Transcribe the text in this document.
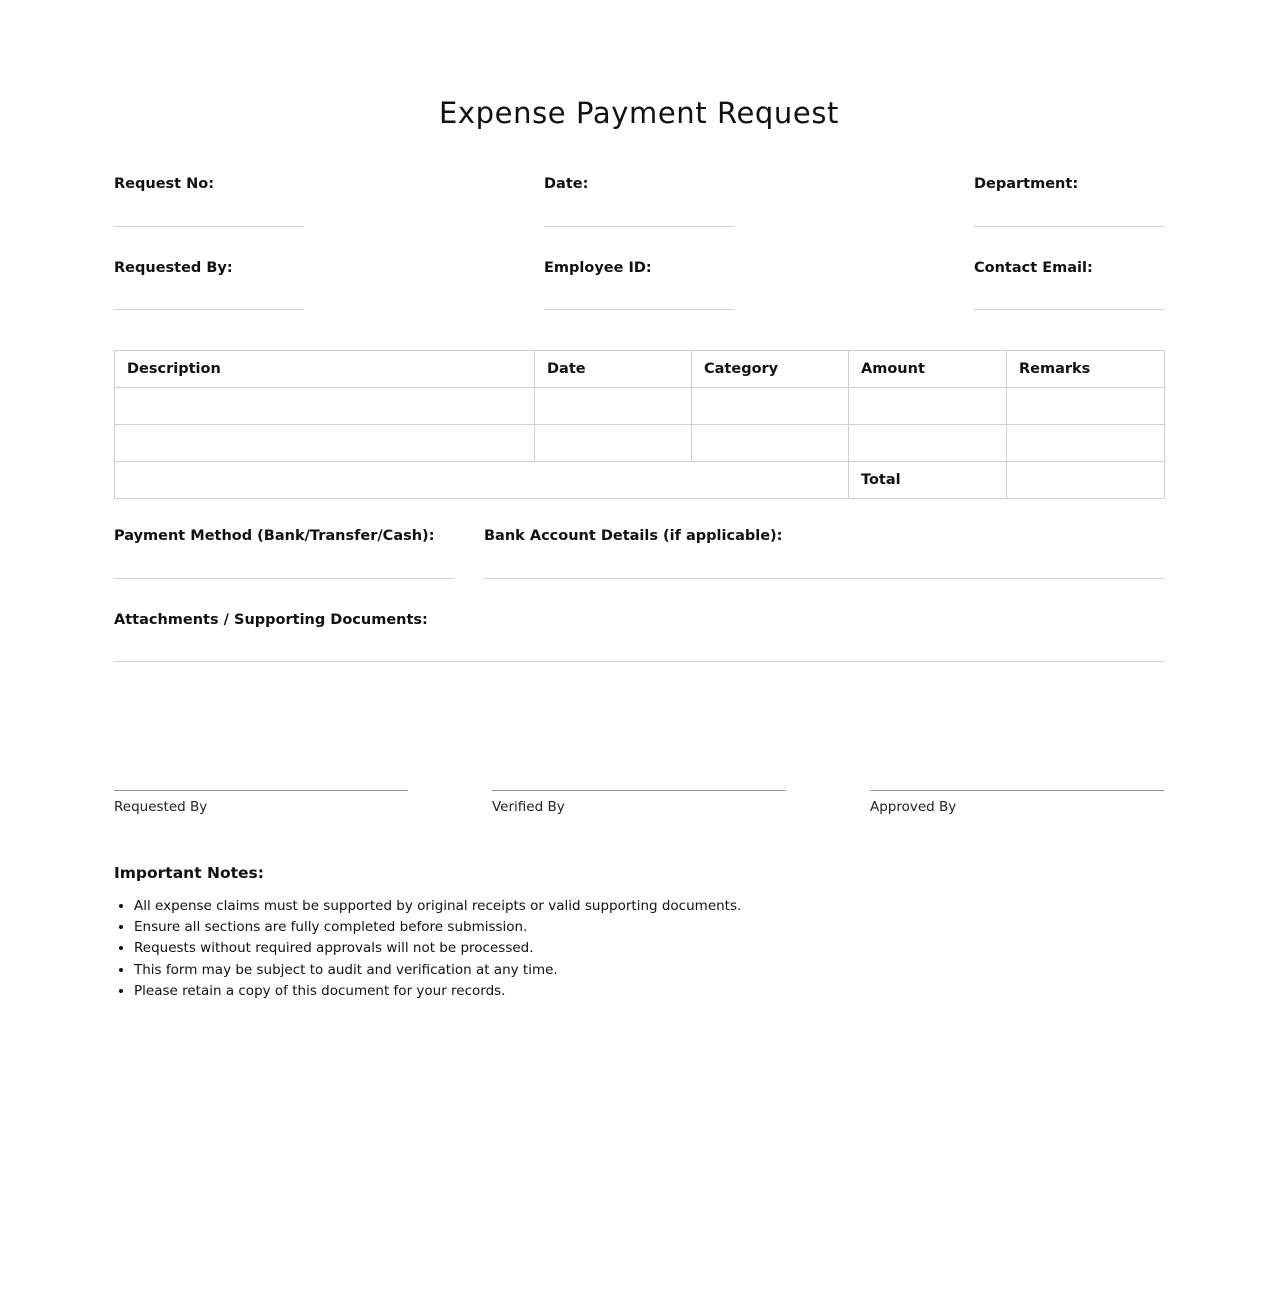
Expense Payment Request
Request No:	Date:	Department:
Requested By:	Employee ID:	Contact Email:
Description	Date	Category	Amount	Remarks

			Total	
Payment Method (Bank/Transfer/Cash):	Bank Account Details (if applicable):
Attachments / Supporting Documents:
Requested By	Verified By	Approved By
Important Notes:
• All expense claims must be supported by original receipts or valid supporting documents.
• Ensure all sections are fully completed before submission.
• Requests without required approvals will not be processed.
• This form may be subject to audit and verification at any time.
• Please retain a copy of this document for your records.
